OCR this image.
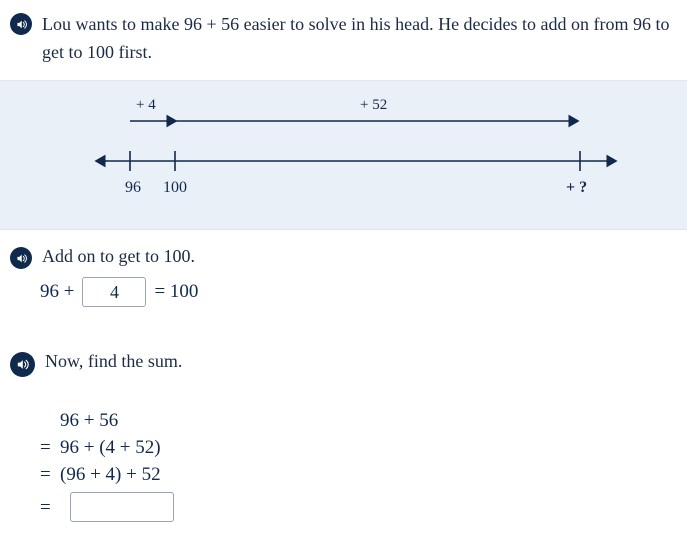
Lou wants to make 96 + 56 easier to solve in his head. He decides to add on from 96 to get to 100 first.
+ 4	+ 52
96 100	+ ?
Add on to get to 100.
96 +
4	= 100
Now, find the sum.
96 + 56
= 96 + (4 + 52)
= (96 + 4) + 52
=
